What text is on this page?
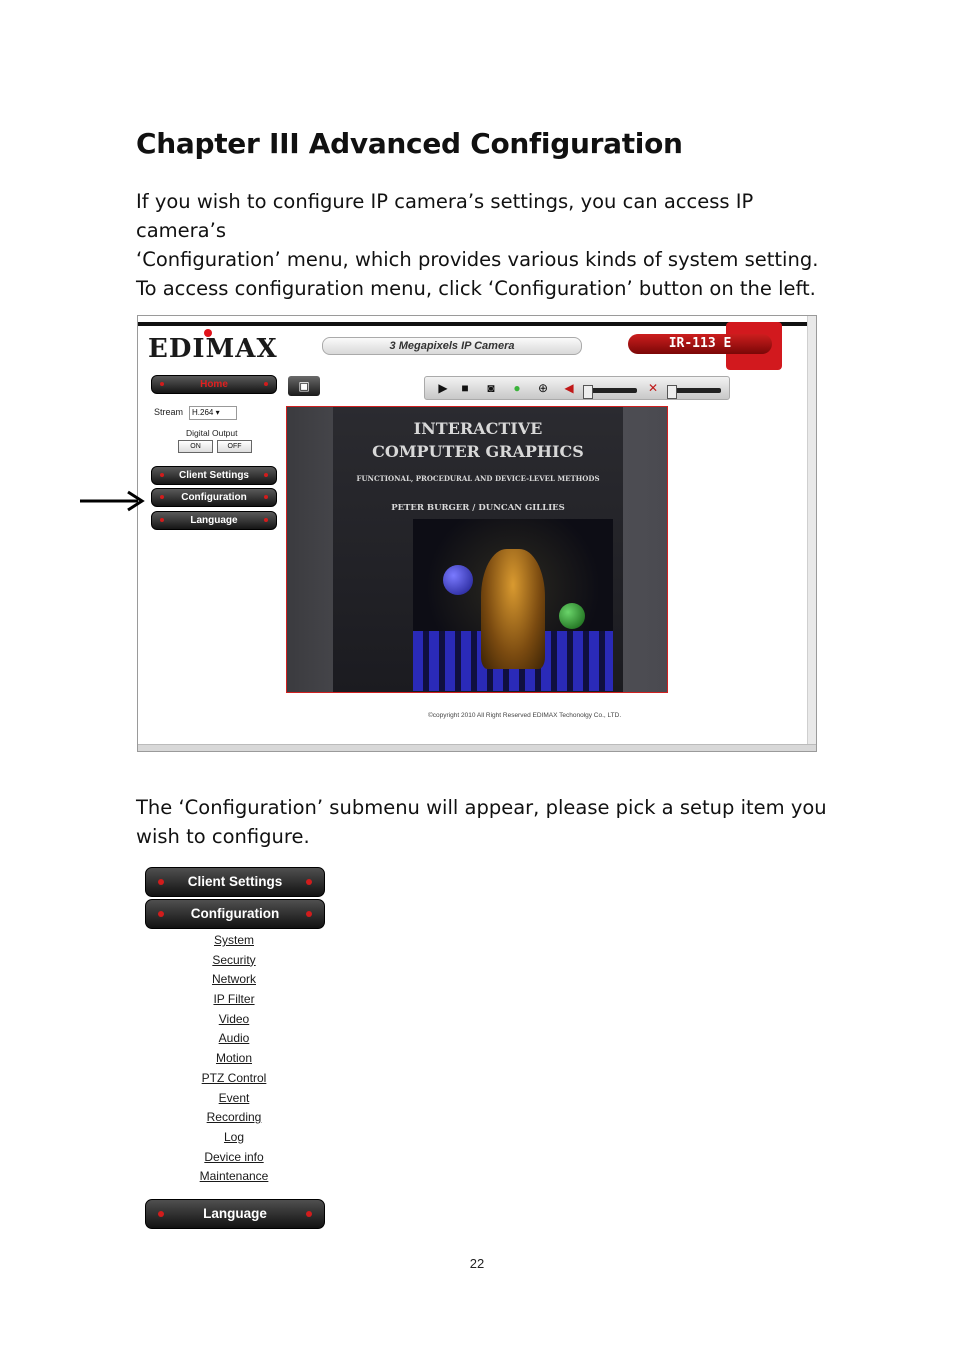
Chapter III Advanced Configuration

If you wish to configure IP camera’s settings, you can access IP camera’s
‘Configuration’ menu, which provides various kinds of system setting.

To access configuration menu, click ‘Configuration’ button on the left.

EDIMAX	3 Megapixels IP Camera	IR-113 E
Home	▣	▶	■	◙	●	⊕	◀	✕
Stream	H.264 ▾
Digital Output
ON	OFF
Client Settings
Configuration
Language
INTERACTIVE
COMPUTER GRAPHICS
FUNCTIONAL, PROCEDURAL AND DEVICE-LEVEL METHODS
PETER BURGER / DUNCAN GILLIES
©copyright 2010 All Right Reserved EDIMAX Techonolgy Co., LTD.

The ‘Configuration’ submenu will appear, please pick a setup item you
wish to configure.

Client Settings
Configuration
System
Security
Network
IP Filter
Video
Audio
Motion
PTZ Control
Event
Recording
Log
Device info
Maintenance
Language
22
